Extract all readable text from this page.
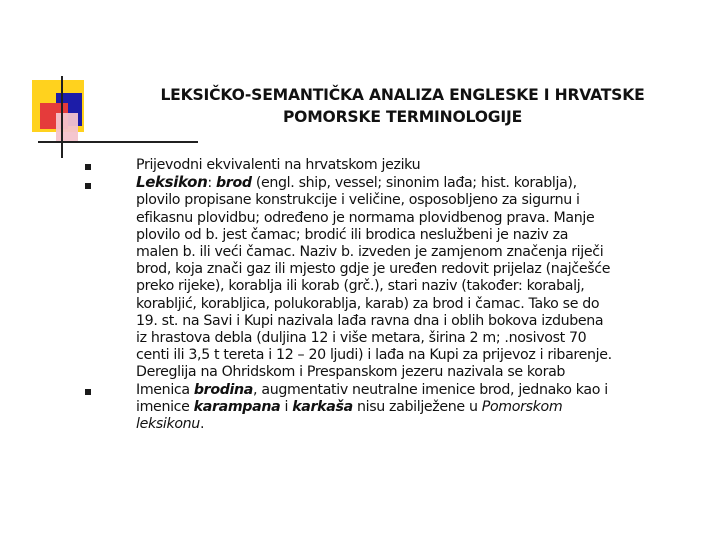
LEKSIČKO-SEMANTIČKA ANALIZA ENGLESKE I HRVATSKE
POMORSKE TERMINOLOGIJE

Prijevodni ekvivalenti na hrvatskom jeziku

Leksikon: brod (engl. ship, vessel; sinonim lađa; hist. korablja),

plovilo propisane konstrukcije i veličine, osposobljeno za sigurnu i

efikasnu plovidbu; određeno je normama plovidbenog prava. Manje

plovilo od b. jest čamac; brodić ili brodica neslužbeni je naziv za

malen b. ili veći čamac. Naziv b. izveden je zamjenom značenja riječi

brod, koja znači gaz ili mjesto gdje je uređen redovit prijelaz (najčešće

preko rijeke), korablja ili korab (grč.), stari naziv (također: korabalj,

korabljić, korabljica, polukorablja, karab) za brod i čamac. Tako se do

19. st. na Savi i Kupi nazivala lađa ravna dna i oblih bokova izdubena

iz hrastova debla (duljina 12 i više metara, širina 2 m; .nosivost 70

centi ili 3,5 t tereta i 12 – 20 ljudi) i lađa na Kupi za prijevoz i ribarenje.

Dereglija na Ohridskom i Prespanskom jezeru nazivala se korab

Imenica brodina, augmentativ neutralne imenice brod, jednako kao i

imenice karampana i karkaša nisu zabilježene u Pomorskom

leksikonu.
